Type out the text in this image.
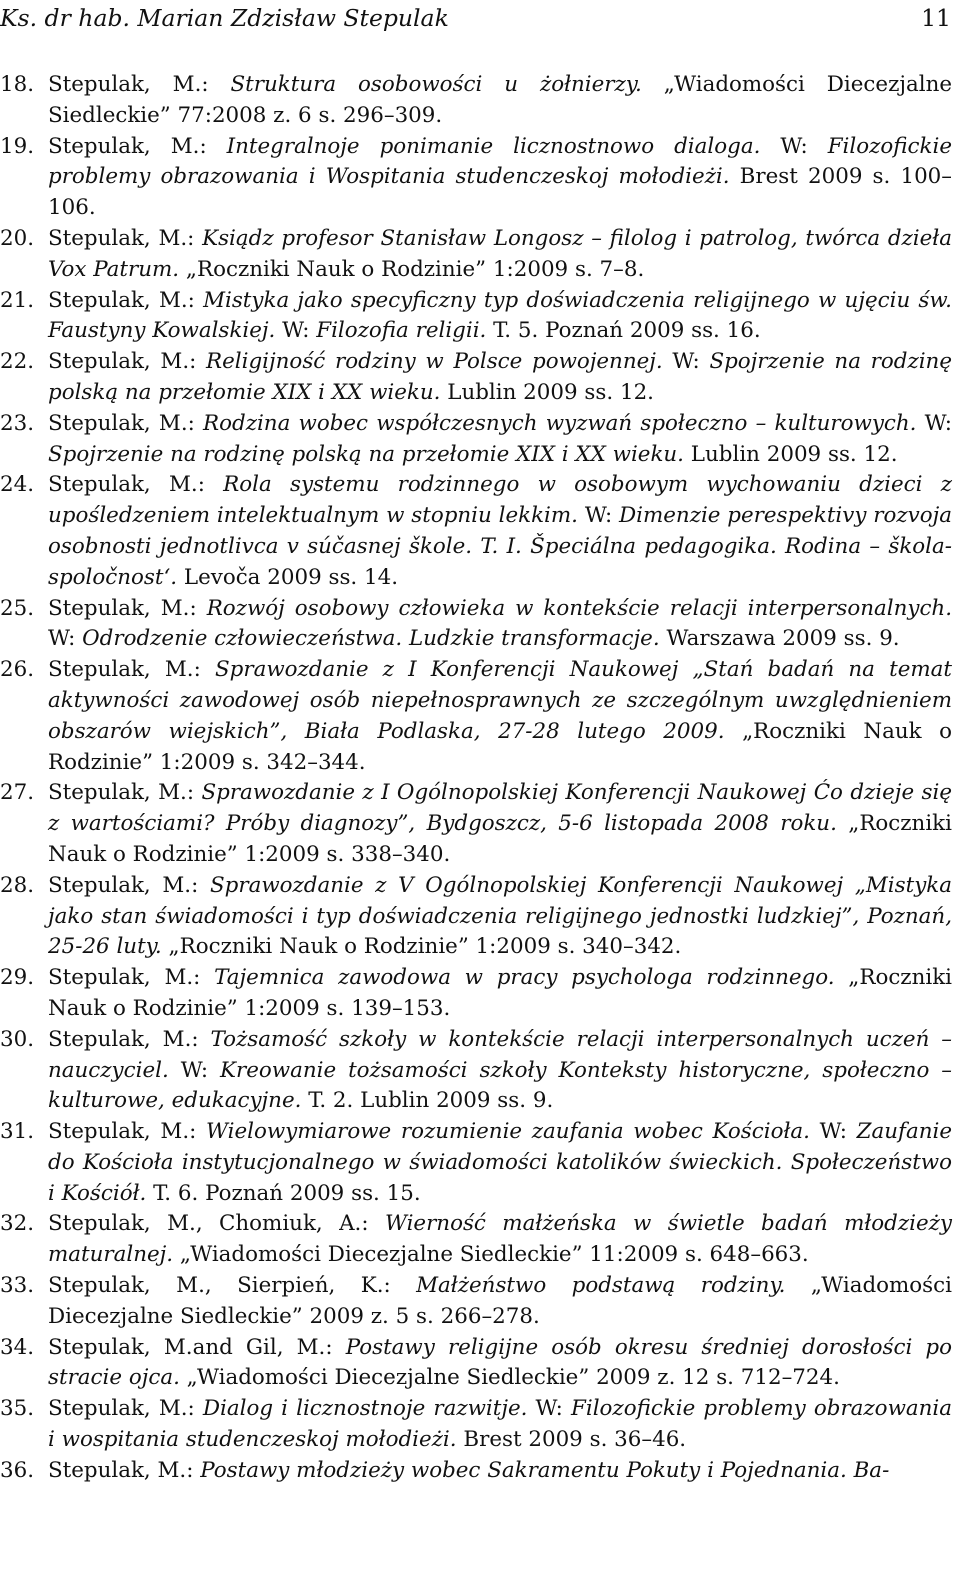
Ks. dr hab. Marian Zdzisław Stepulak	11
18. Stepulak, M.: Struktura osobowości u żołnierzy. „Wiadomości Diecezjalne Siedleckie” 77:2008 z. 6 s. 296–309.
19. Stepulak, M.: Integralnoje ponimanie licznostnowo dialoga. W: Filozofickie problemy obrazowania i Wospitania studenczeskoj mołodieżi. Brest 2009 s. 100–106.
20. Stepulak, M.: Ksiądz profesor Stanisław Longosz – filolog i patrolog, twórca dzieła Vox Patrum. „Roczniki Nauk o Rodzinie” 1:2009 s. 7–8.
21. Stepulak, M.: Mistyka jako specyficzny typ doświadczenia religijnego w ujęciu św. Faustyny Kowalskiej. W: Filozofia religii. T. 5. Poznań 2009 ss. 16.
22. Stepulak, M.: Religijność rodziny w Polsce powojennej. W: Spojrzenie na rodzinę polską na przełomie XIX i XX wieku. Lublin 2009 ss. 12.
23. Stepulak, M.: Rodzina wobec współczesnych wyzwań społeczno – kulturowych. W: Spojrzenie na rodzinę polską na przełomie XIX i XX wieku. Lublin 2009 ss. 12.
24. Stepulak, M.: Rola systemu rodzinnego w osobowym wychowaniu dzieci z upośledzeniem intelektualnym w stopniu lekkim. W: Dimenzie perespektivy rozvoja osobnosti jednotlivca v súčasnej škole. T. I. Špeciálna pedagogika. Rodina – škola-spoločnost‘. Levoča 2009 ss. 14.
25. Stepulak, M.: Rozwój osobowy człowieka w kontekście relacji interpersonalnych. W: Odrodzenie człowieczeństwa. Ludzkie transformacje. Warszawa 2009 ss. 9.
26. Stepulak, M.: Sprawozdanie z I Konferencji Naukowej „Stań badań na temat aktywności zawodowej osób niepełnosprawnych ze szczególnym uwzględnieniem obszarów wiejskich”, Biała Podlaska, 27-28 lutego 2009. „Roczniki Nauk o Rodzinie” 1:2009 s. 342–344.
27. Stepulak, M.: Sprawozdanie z I Ogólnopolskiej Konferencji Naukowej Ćo dzieje się z wartościami? Próby diagnozy”, Bydgoszcz, 5-6 listopada 2008 roku. „Roczniki Nauk o Rodzinie” 1:2009 s. 338–340.
28. Stepulak, M.: Sprawozdanie z V Ogólnopolskiej Konferencji Naukowej „Mistyka jako stan świadomości i typ doświadczenia religijnego jednostki ludzkiej”, Poznań, 25-26 luty. „Roczniki Nauk o Rodzinie” 1:2009 s. 340–342.
29. Stepulak, M.: Tajemnica zawodowa w pracy psychologa rodzinnego. „Roczniki Nauk o Rodzinie” 1:2009 s. 139–153.
30. Stepulak, M.: Tożsamość szkoły w kontekście relacji interpersonalnych uczeń – nauczyciel. W: Kreowanie tożsamości szkoły Konteksty historyczne, społeczno – kulturowe, edukacyjne. T. 2. Lublin 2009 ss. 9.
31. Stepulak, M.: Wielowymiarowe rozumienie zaufania wobec Kościoła. W: Zaufanie do Kościoła instytucjonalnego w świadomości katolików świeckich. Społeczeństwo i Kościół. T. 6. Poznań 2009 ss. 15.
32. Stepulak, M., Chomiuk, A.: Wierność małżeńska w świetle badań młodzieży maturalnej. „Wiadomości Diecezjalne Siedleckie” 11:2009 s. 648–663.
33. Stepulak, M., Sierpień, K.: Małżeństwo podstawą rodziny. „Wiadomości Diecezjalne Siedleckie” 2009 z. 5 s. 266–278.
34. Stepulak, M.and Gil, M.: Postawy religijne osób okresu średniej dorosłości po stracie ojca. „Wiadomości Diecezjalne Siedleckie” 2009 z. 12 s. 712–724.
35. Stepulak, M.: Dialog i licznostnoje razwitje. W: Filozofickie problemy obrazowania i wospitania studenczeskoj mołodieżi. Brest 2009 s. 36–46.
36. Stepulak, M.: Postawy młodzieży wobec Sakramentu Pokuty i Pojednania. Ba-
